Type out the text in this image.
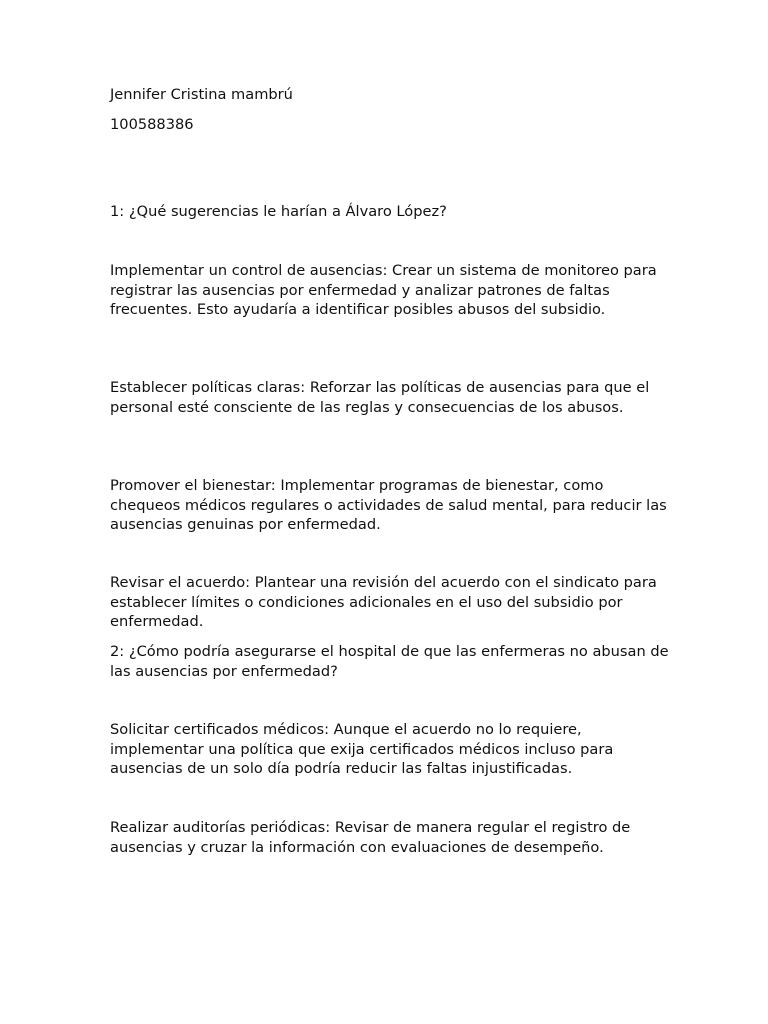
Jennifer Cristina mambrú

100588386

1: ¿Qué sugerencias le harían a Álvaro López?

Implementar un control de ausencias: Crear un sistema de monitoreo para registrar las ausencias por enfermedad y analizar patrones de faltas frecuentes. Esto ayudaría a identificar posibles abusos del subsidio.

Establecer políticas claras: Reforzar las políticas de ausencias para que el personal esté consciente de las reglas y consecuencias de los abusos.

Promover el bienestar: Implementar programas de bienestar, como chequeos médicos regulares o actividades de salud mental, para reducir las ausencias genuinas por enfermedad.

Revisar el acuerdo: Plantear una revisión del acuerdo con el sindicato para establecer límites o condiciones adicionales en el uso del subsidio por enfermedad.

2: ¿Cómo podría asegurarse el hospital de que las enfermeras no abusan de las ausencias por enfermedad?

Solicitar certificados médicos: Aunque el acuerdo no lo requiere, implementar una política que exija certificados médicos incluso para ausencias de un solo día podría reducir las faltas injustificadas.

Realizar auditorías periódicas: Revisar de manera regular el registro de ausencias y cruzar la información con evaluaciones de desempeño.
